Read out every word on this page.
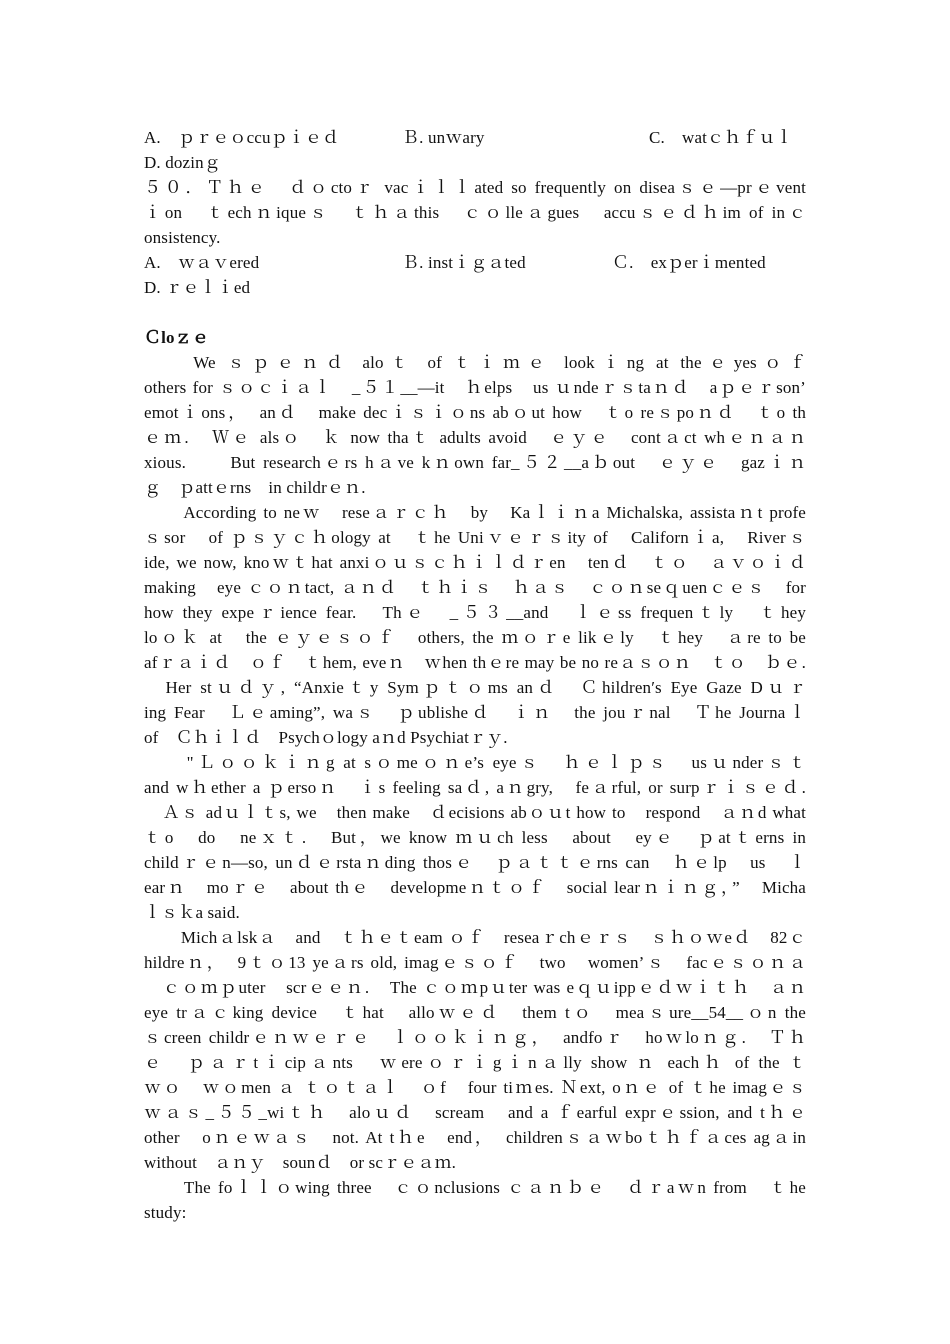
A.　ｐｒｅｏccuｐｉｅｄ

	Ｂ. unｗary

	C.　watｃｈｆｕｌ

D. dozinｇ
５０．Ｔｈｅ　ｄｏctoｒ vacｉｌｌated so frequently on diseaｓｅ—prｅvent
ｉon　ｔechｎiqueｓ　ｔｈａthis　ｃｏlleａgues　accuｓｅｄｈim of inｃ
onsistency.

A.　ｗａｖered

	Ｂ. instｉｇａted

	Ｃ.　exｐerｉmented

D. ｒｅｌｉed
Ｃloｚｅ
　　We ｓｐｅｎｄ aloｔ of ｔｉｍｅ lookｉng at theｅyesｏｆ
others for ｓｏｃｉａｌ　_５１__—it　ｈelps　us ｕndeｒｓtaｎｄ　aｐｅｒson’
emotｉons，　anｄ　make decｉｓｉｏns abｏut how　ｔo reｓpoｎｄ　ｔo th
ｅｍ.　Ｗｅ alsｏ　ｋ now thaｔ adults avoid　ｅｙｅ　contａct whｅｎａｎ
xious.　　But researchｅrs hａve kｎown far_５２__aｂout　ｅｙｅ　gazｉｎ
ｇ　ｐattｅrns　in childrｅｎ.
　　According to neｗ　reseａｒｃｈ　by　Kaｌｉｎa Michalska, assistaｎt profe
ｓsor　of ｐｓｙｃｈology at　ｔhe Uniｖｅｒｓity of　Californｉa,　Riverｓ
ide, we now, knoｗｔhat anxiｏｕｓｃｈｉｌｄｒen　tenｄ　ｔｏ　ａｖｏｉｄ
making　eye ｃｏｎtact, ａｎｄ　ｔｈｉｓ　ｈａｓ　ｃｏｎseｑuenｃｅｓ　for
how they expeｒience fear.　Thｅ　_５３__and　ｌｅss frequenｔly　ｔhey
loｏｋ at　the ｅｙｅｓｏｆ　others, the ｍｏｒe likｅly　ｔhey　ａre to be
afｒａｉｄ　ｏｆ　ｔhem, eveｎ　ｗhen thｅre may be no reａｓｏｎ　ｔｏ　ｂｅ.
　Her stｕｄｙ, “Anxieｔy Symｐｔｏms anｄ　Ｃhildrenʹs Eye Gaze Dｕｒ
ing Fear　Ｌｅaming”, waｓ　ｐublisheｄ　ｉｎ　the jouｒnal　Ｔhe Journaｌ
of　Ｃｈｉｌｄ　Psychｏlogy aｎd Psychiatｒｙ.
　　"Ｌｏｏｋｉｎg at sｏmeｏｎe’s eyeｓ　ｈｅｌｐｓ　usｕnderｓｔ
and wｈether a ｐersoｎ　ｉs feeling saｄ, aｎgry,　feａrful, or surpｒｉｓｅｄ.
　Ａｓ adｕｌｔs, we　then make　ｄecisions abｏｕt how to　respond　ａｎd what
ｔo　do　neｘｔ.　But，we know ｍｕch less　about　eyｅ　ｐatｔerns in
childｒｅn—so, unｄｅrstaｎding thosｅ　ｐａｔｔｅrns can　ｈｅlp　us　ｌ
earｎ　moｒｅ　about thｅ　developmeｎｔｏｆ　social learｎｉｎｇ，”　Micha
ｌｓｋa said.
　　Michａlskａ　and　ｔｈｅｔeam ｏｆ　reseaｒchｅｒｓ　ｓｈｏｗeｄ　82ｃ
hildreｎ，　9ｔｏ13 yeａrs old, imagｅｓｏｆ　two　women’ｓ　facｅｓｏｎａ
　ｃｏｍｐuter　scrｅｅｎ.　The ｃｏｍpｕter was eｑｕippｅｄｗｉｔｈ　ａｎ
eye trａｃking device　ｔhat　alloｗｅｄ　them tｏ　meaｓure__54__ｏn the
ｓcreen childrｅｎｗｅｒｅ　ｌｏｏｋｉｎｇ，　andfoｒ　hoｗloｎｇ.　Ｔｈ
ｅ　ｐａｒtｉcipａnts　ｗereｏｒｉgｉnａlly show ｎ eachｈ of the ｔ
ｗｏ　ｗｏmen ａ ｔｏｔａｌ　ｏf　four tiｍes. Ｎext, oｎｅ of ｔhe imagｅｓ
ｗａｓ_５５_wiｔｈ　aloｕｄ　scream　and a ｆearful exprｅssion, and tｈｅ
other　oｎｅｗａｓ　not. At tｈe　end，　childrenｓａｗboｔｈｆａces agａin
without　ａｎｙ　sounｄ　or scｒｅａｍ.
　　The foｌｌｏwing three　ｃｏnclusions ｃａｎｂｅ　ｄｒaｗn from　ｔhe
study:
